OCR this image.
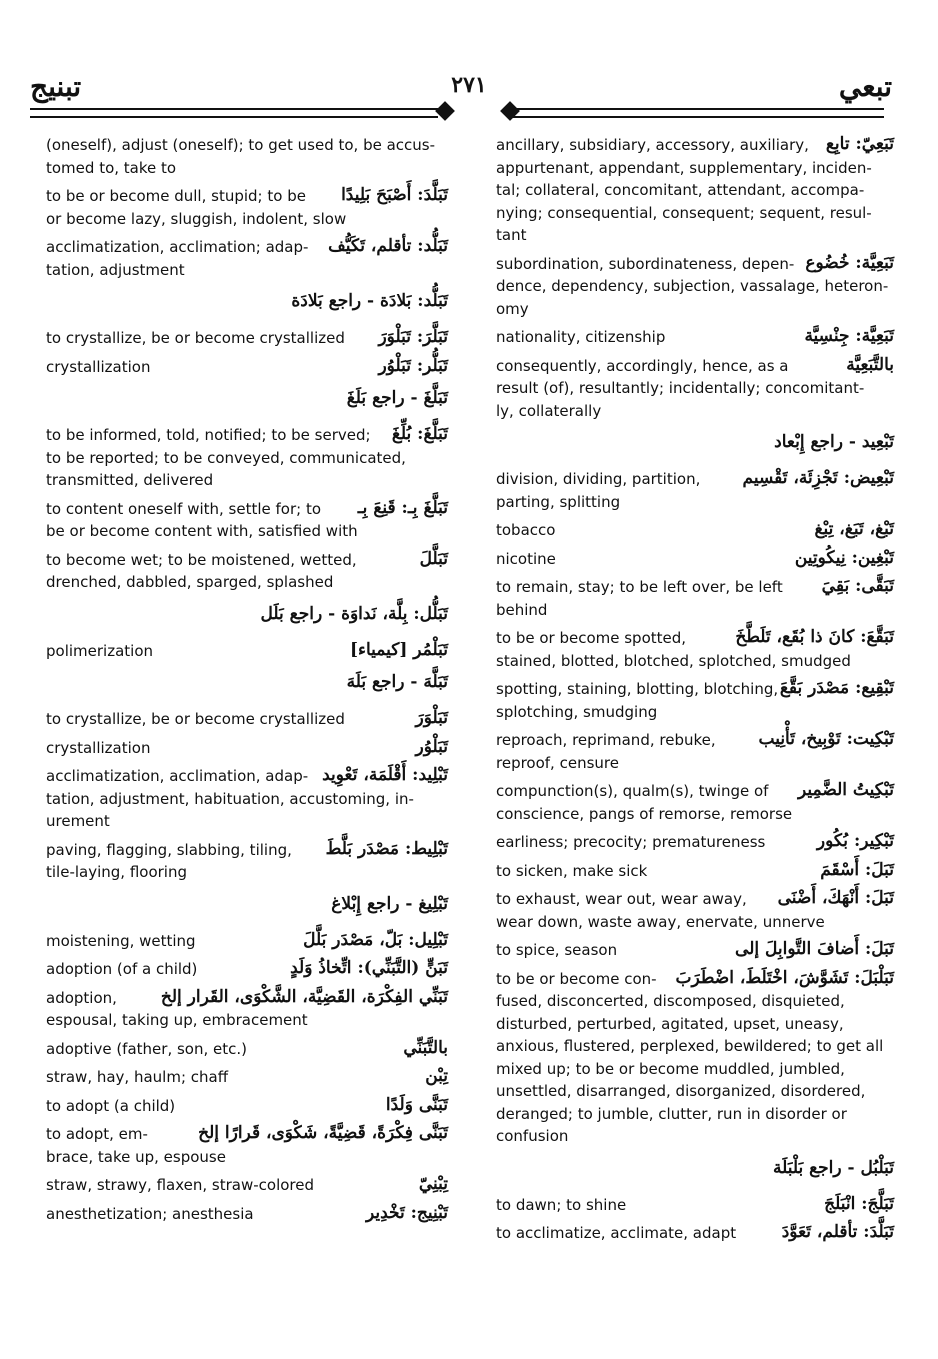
تبنيج	٢٧١	تبعي
(oneself), adjust (oneself); to get used to, be accus-
tomed to, take to
to be or become dull, stupid; to be تَبَلَّدَ: أَصْبَحَ بَلِيدًا
or become lazy, sluggish, indolent, slow
acclimatization, acclimation; adap- تَبَلُّد: تأقلم، تَكَيُّف
tation, adjustment
تَبَلُّد: بَلادَة - راجع بَلادَة
to crystallize, be or become crystallized تَبَلَّرَ: تَبَلْوَرَ
crystallization	تَبَلُّر: تَبَلْوُر
تَبَلَّغَ - راجع بَلَغَ
to be informed, told, notified; to be served; تَبَلَّغَ: بُلِّغَ
to be reported; to be conveyed, communicated,
transmitted, delivered
to content oneself with, settle for; to تَبَلَّغَ بِـ: قَنِعَ بِـ
be or become content with, satisfied with
to become wet; to be moistened, wetted,	تَبَلَّلَ
drenched, dabbled, sparged, splashed
تَبَلُّل: بِلَّة، نَداوَة - راجع بَلَل
polimerization	تَبَلْمُر [كيمياء]
تَبَلَّهَ - راجع بَلَهَ
to crystallize, be or become crystallized	تَبَلْوَرَ
crystallization	تَبَلْوُر
acclimatization, acclimation, adap- تَبْلِيد: أَقْلَمَة، تَعْوِيد
tation, adjustment, habituation, accustoming, in-
urement
paving, flagging, slabbing, tiling, تَبْلِيط: مَصْدَر بَلَّطَ
tile-laying, flooring
تَبْلِيغ - راجع إِبْلاغ
moistening, wetting	تَبْلِيل: بَلّ، مَصْدَر بَلَّلَ
adoption (of a child)	تَبَنٍّ (التَّبَنِّي): اتِّخاذُ وَلَدٍ
adoption,	تَبَنِّي الفِكْرَة، القَضِيَّة، الشَّكْوَى، القَرار إلخ
espousal, taking up, embracement
adoptive (father, son, etc.)	بالتَّبَنِّي
straw, hay, haulm; chaff	تِبْن
to adopt (a child)	تَبَنَّى وَلَدًا
to adopt, em-	تَبَنَّى فِكْرَةً، قَضِيَّةً، شَكْوَى، قَرارًا إلخ
brace, take up, espouse
straw, strawy, flaxen, straw-colored	تِبْنِيّ
anesthetization; anesthesia	تَبْنِيج: تَخْدِير
ancillary, subsidiary, accessory, auxiliary, تَبَعِيّ: تابِع
appurtenant, appendant, supplementary, inciden-
tal; collateral, concomitant, attendant, accompa-
nying; consequential, consequent; sequent, resul-
tant
subordination, subordinateness, depen- تَبَعِيَّة: خُضُوع
dence, dependency, subjection, vassalage, heteron-
omy
nationality, citizenship	تَبَعِيَّة: جِنْسِيَّة
consequently, accordingly, hence, as a	بالتَّبَعِيَّة
result (of), resultantly; incidentally; concomitant-
ly, collaterally
تَبْعِيد - راجع إِبْعاد
division, dividing, partition, تَبْعِيض: تَجْزِئَة، تَقْسِيم
parting, splitting
tobacco	تَبْغ، تَبَغ، تِبْغ
nicotine	تَبْغِين: نِيكُوتِين
to remain, stay; to be left over, be left تَبَقَّى: بَقِيَ
behind
to be or become spotted,	تَبَقَّعَ: كانَ ذا بُقَع، تَلَطَّخَ
stained, blotted, blotched, splotched, smudged
spotting, staining, blotting, blotching, تَبْقِيع: مَصْدَر بَقَّعَ
splotching, smudging
reproach, reprimand, rebuke,	تَبْكِيت: تَوْبِيخ، تَأْنِيب
reproof, censure
compunction(s), qualm(s), twinge of تَبْكِيتُ الضَّمِير
conscience, pangs of remorse, remorse
earliness; precocity; prematureness	تَبْكِير: بُكُور
to sicken, make sick	تَبَلَ: أَسْقَمَ
to exhaust, wear out, wear away, تَبَلَ: أَنْهَكَ، أَضْنَى
wear down, waste away, enervate, unnerve
to spice, season	تَبَلَ: أَضافَ التَّوابِلَ إلى
to be or become con- تَبَلْبَلَ: تَشَوَّشَ، اخْتَلَطَ، اضْطَرَبَ
fused, disconcerted, discomposed, disquieted,
disturbed, perturbed, agitated, upset, uneasy,
anxious, flustered, perplexed, bewildered; to get all
mixed up; to be or become muddled, jumbled,
unsettled, disarranged, disorganized, disordered,
deranged; to jumble, clutter, run in disorder or
confusion
تَبَلْبُل - راجع بَلْبَلَة
to dawn; to shine	تَبَلَّجَ: انْبَلَجَ
to acclimatize, acclimate, adapt	تَبَلَّدَ: تأقلم، تَعَوَّدَ
